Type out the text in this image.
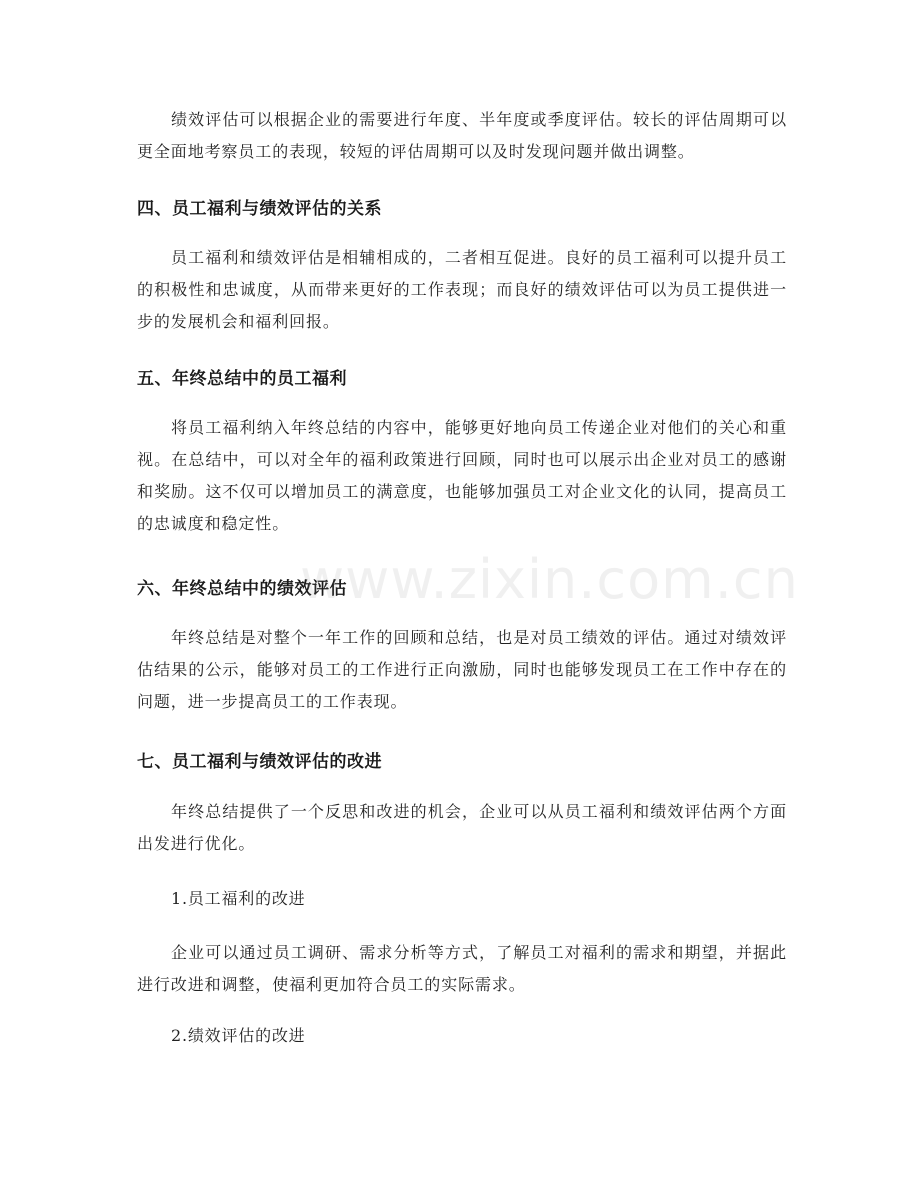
绩效评估可以根据企业的需要进行年度、半年度或季度评估。较长的评估周期可以更全面地考察员工的表现，较短的评估周期可以及时发现问题并做出调整。

四、员工福利与绩效评估的关系

员工福利和绩效评估是相辅相成的，二者相互促进。良好的员工福利可以提升员工的积极性和忠诚度，从而带来更好的工作表现；而良好的绩效评估可以为员工提供进一步的发展机会和福利回报。

五、年终总结中的员工福利

将员工福利纳入年终总结的内容中，能够更好地向员工传递企业对他们的关心和重视。在总结中，可以对全年的福利政策进行回顾，同时也可以展示出企业对员工的感谢和奖励。这不仅可以增加员工的满意度，也能够加强员工对企业文化的认同，提高员工的忠诚度和稳定性。

六、年终总结中的绩效评估

年终总结是对整个一年工作的回顾和总结，也是对员工绩效的评估。通过对绩效评估结果的公示，能够对员工的工作进行正向激励，同时也能够发现员工在工作中存在的问题，进一步提高员工的工作表现。

七、员工福利与绩效评估的改进

年终总结提供了一个反思和改进的机会，企业可以从员工福利和绩效评估两个方面出发进行优化。

1.员工福利的改进

企业可以通过员工调研、需求分析等方式，了解员工对福利的需求和期望，并据此进行改进和调整，使福利更加符合员工的实际需求。

2.绩效评估的改进

www.zixin.com.cn
